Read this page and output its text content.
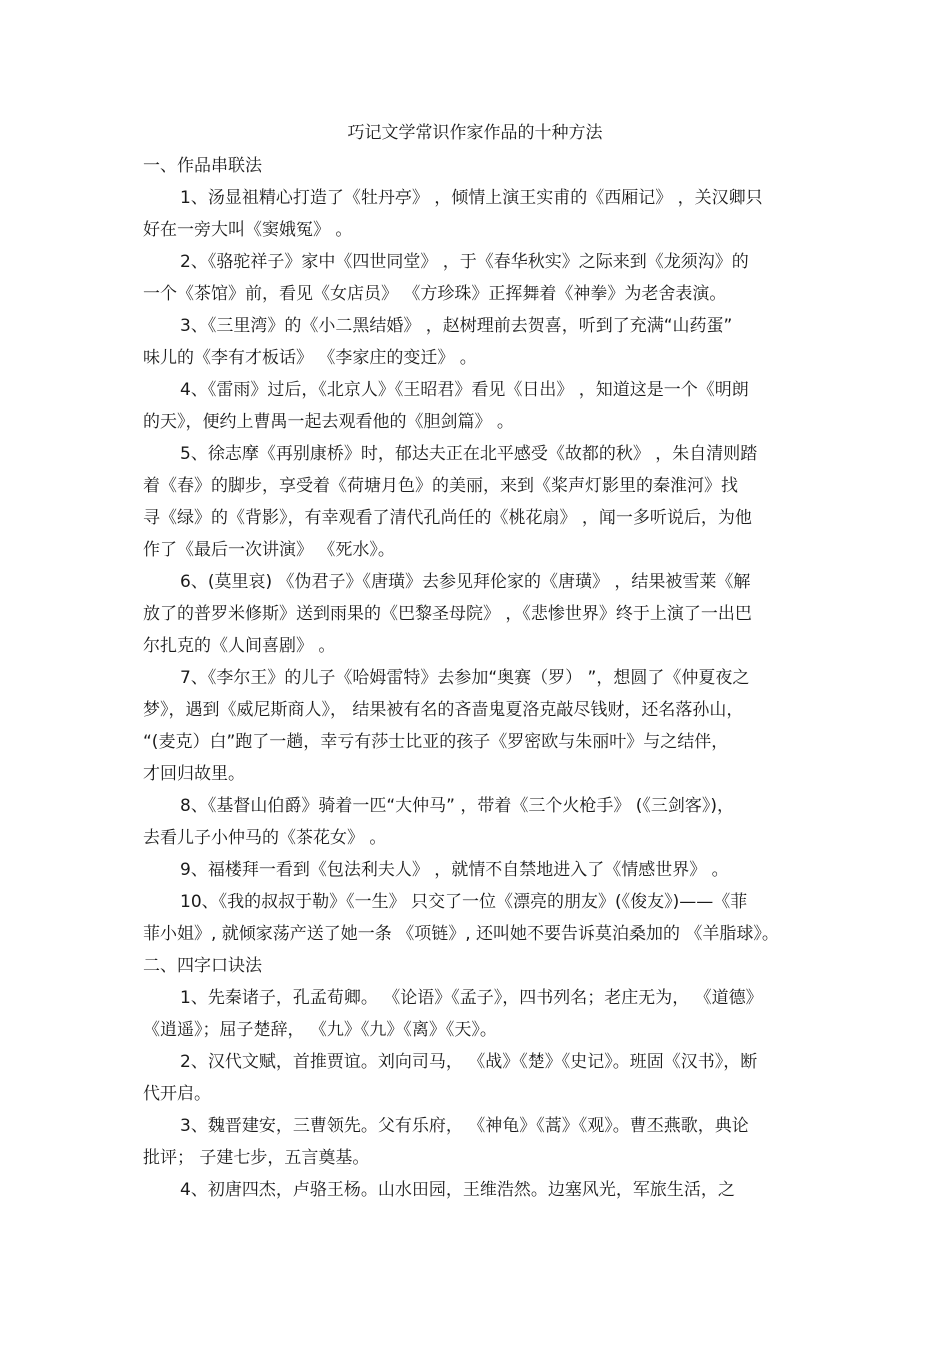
巧记文学常识作家作品的十种方法
一、作品串联法
1、汤显祖精心打造了《牡丹亭》 ，倾情上演王实甫的《西厢记》 ，关汉卿只
好在一旁大叫《窦娥冤》 。
2、《骆驼祥子》家中《四世同堂》 ，于《春华秋实》之际来到《龙须沟》的
一个《茶馆》前，看见《女店员》 《方珍珠》正挥舞着《神拳》为老舍表演。
3、《三里湾》的《小二黑结婚》 ，赵树理前去贺喜，听到了充满“山药蛋”
味儿的《李有才板话》 《李家庄的变迁》 。
4、《雷雨》过后，《北京人》《王昭君》看见《日出》 ，知道这是一个《明朗
的天》，便约上曹禺一起去观看他的《胆剑篇》 。
5、徐志摩《再别康桥》时，郁达夫正在北平感受《故都的秋》 ，朱自清则踏
着《春》的脚步，享受着《荷塘月色》的美丽，来到《桨声灯影里的秦淮河》找
寻《绿》的《背影》，有幸观看了清代孔尚任的《桃花扇》 ，闻一多听说后，为他
作了《最后一次讲演》 《死水》。
6、(莫里哀) 《伪君子》《唐璜》去参见拜伦家的《唐璜》 ，结果被雪莱《解
放了的普罗米修斯》送到雨果的《巴黎圣母院》 ，《悲惨世界》终于上演了一出巴
尔扎克的《人间喜剧》 。
7、《李尔王》的儿子《哈姆雷特》去参加“奥赛（罗） ”，想圆了《仲夏夜之
梦》，遇到《威尼斯商人》， 结果被有名的吝啬鬼夏洛克敲尽钱财，还名落孙山，
“(麦克）白”跑了一趟，幸亏有莎士比亚的孩子《罗密欧与朱丽叶》与之结伴，
才回归故里。
8、《基督山伯爵》骑着一匹“大仲马” ，带着《三个火枪手》 (《三剑客》)，
去看儿子小仲马的《茶花女》 。
9、福楼拜一看到《包法利夫人》 ，就情不自禁地进入了《情感世界》 。
10、《我的叔叔于勒》《一生》 只交了一位《漂亮的朋友》(《俊友》)——《菲
菲小姐》, 就倾家荡产送了她一条 《项链》, 还叫她不要告诉莫泊桑加的 《羊脂球》。
二、四字口诀法
1、先秦诸子，孔孟荀卿。 《论语》《孟子》，四书列名；老庄无为， 《道德》
《逍遥》；屈子楚辞， 《九》《九》《离》《天》。
2、汉代文赋，首推贾谊。刘向司马， 《战》《楚》《史记》。班固《汉书》，断
代开启。
3、魏晋建安，三曹领先。父有乐府， 《神龟》《蒿》《观》。曹丕燕歌，典论
批评； 子建七步，五言奠基。
4、初唐四杰，卢骆王杨。山水田园，王维浩然。边塞风光，军旅生活，之
